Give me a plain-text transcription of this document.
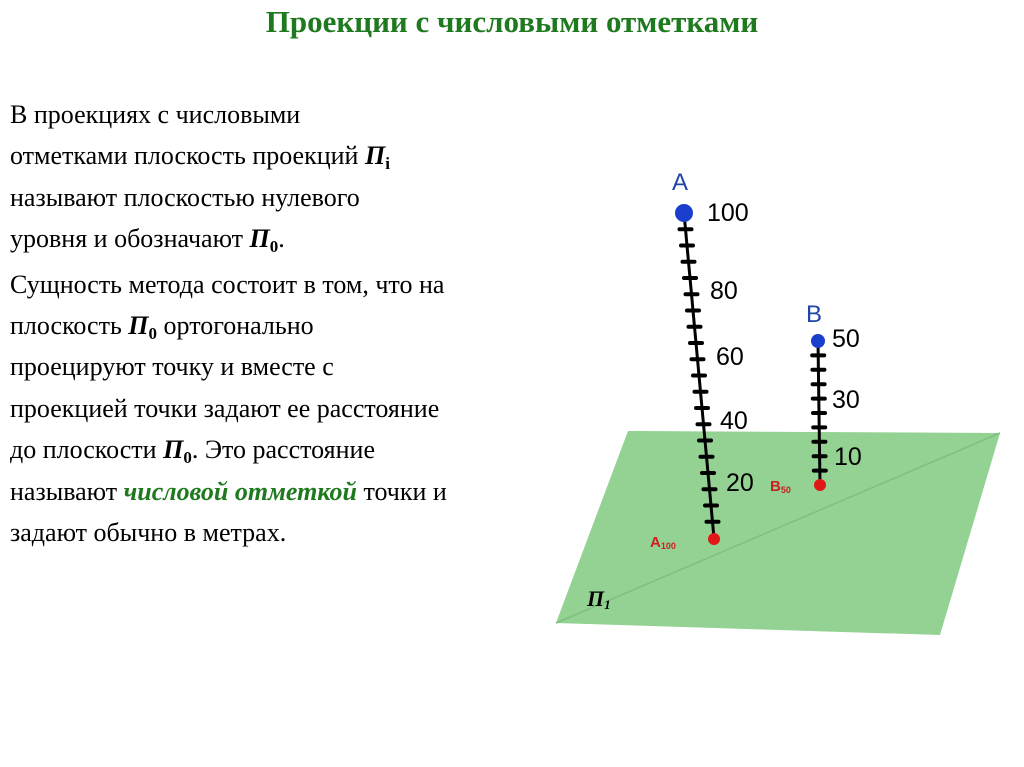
Проекции с числовыми отметками

В проекциях с числовыми
отметками плоскость проекций $П_i$
называют плоскостью нулевого
уровня и обозначают $П_0$.

Сущность метода состоит в том, что на
плоскость $П_0$ ортогонально
проецируют точку и вместе с
проекцией точки задают ее расстояние
до плоскости $П_0$. Это расстояние
называют числовой отметкой точки и
задают обычно в метрах.

A
B
100
80
60
40
20
50
30
10
A100
B50
П1
